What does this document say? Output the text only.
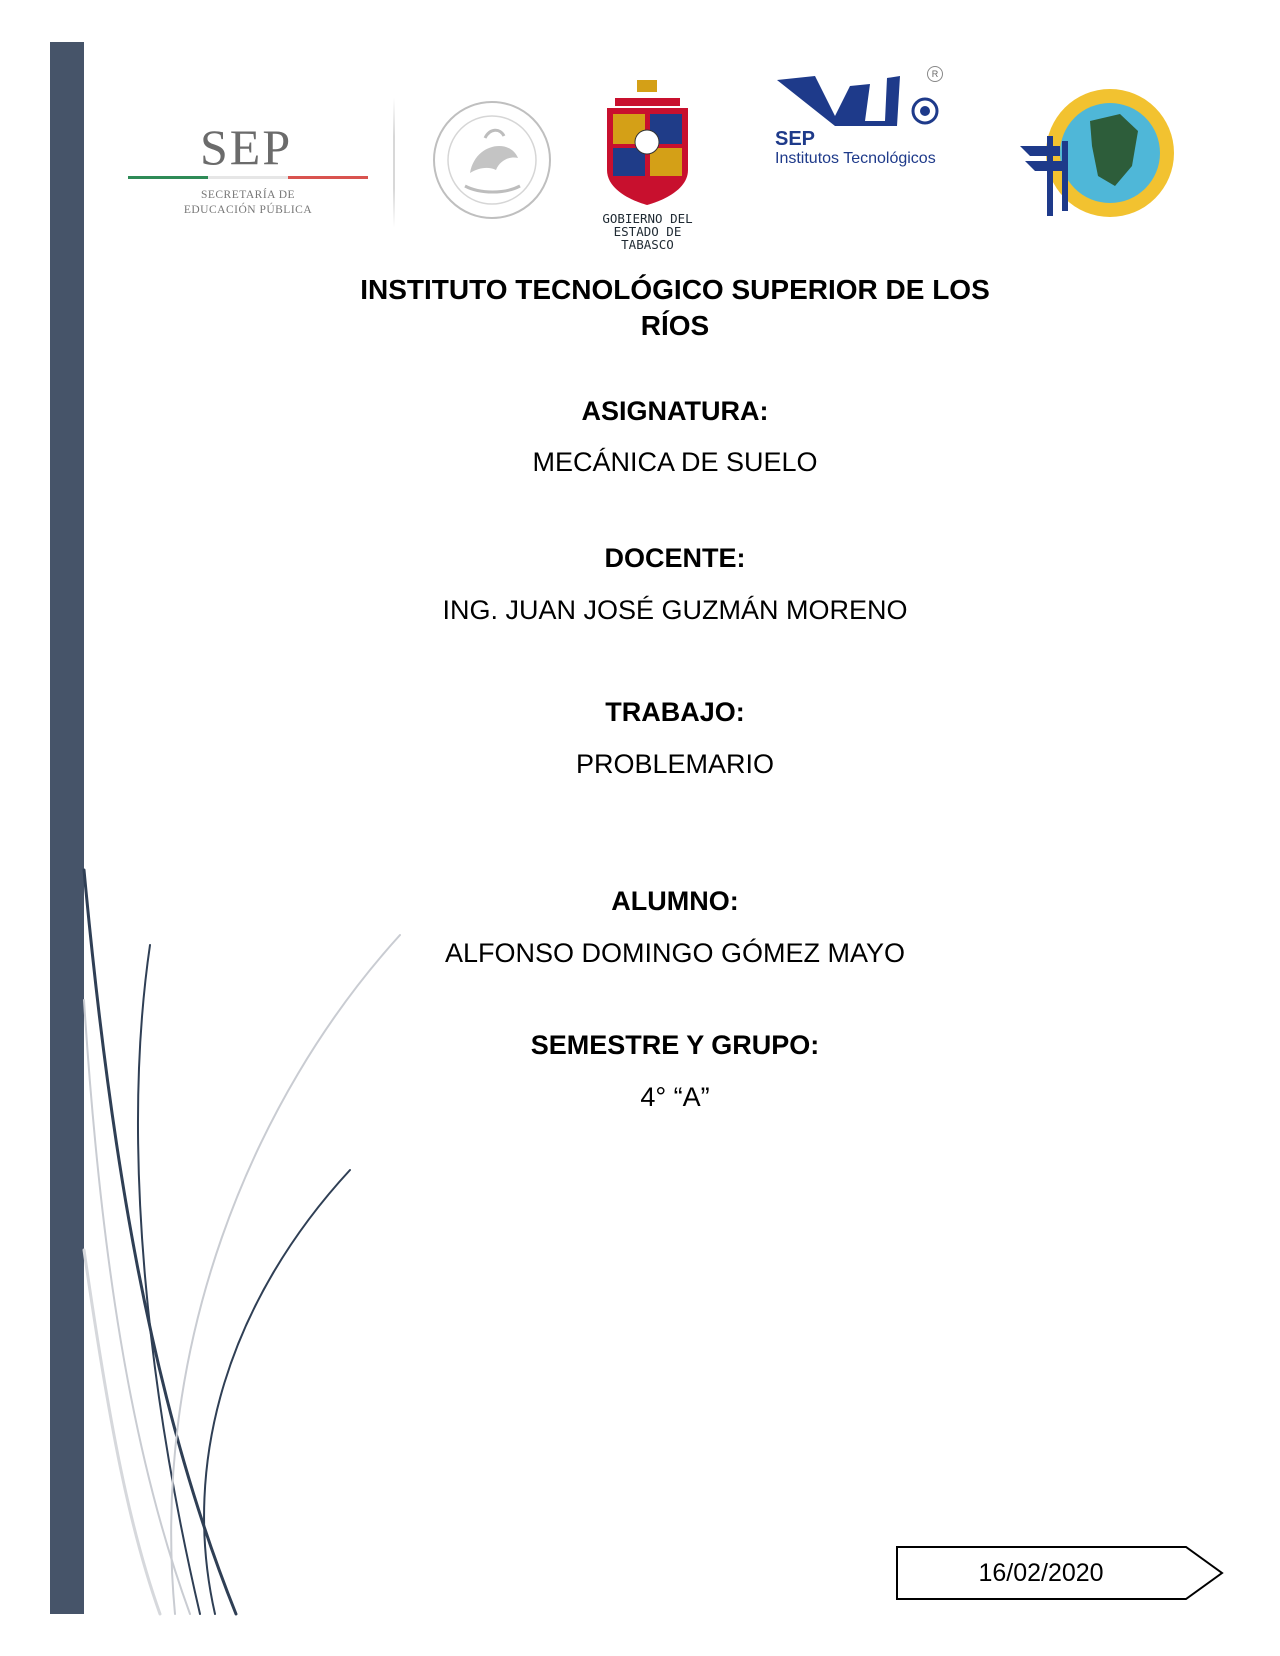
SEP
SECRETARÍA DE
EDUCACIÓN PÚBLICA
GOBIERNO DEL
ESTADO DE
TABASCO
R
SEP
Institutos Tecnológicos
INSTITUTO TECNOLÓGICO SUPERIOR DE LOS RÍOS
ASIGNATURA:
MECÁNICA DE SUELO
DOCENTE:
ING. JUAN JOSÉ GUZMÁN MORENO
TRABAJO:
PROBLEMARIO
ALUMNO:
ALFONSO DOMINGO GÓMEZ MAYO
SEMESTRE Y GRUPO:
4° “A”
16/02/2020
